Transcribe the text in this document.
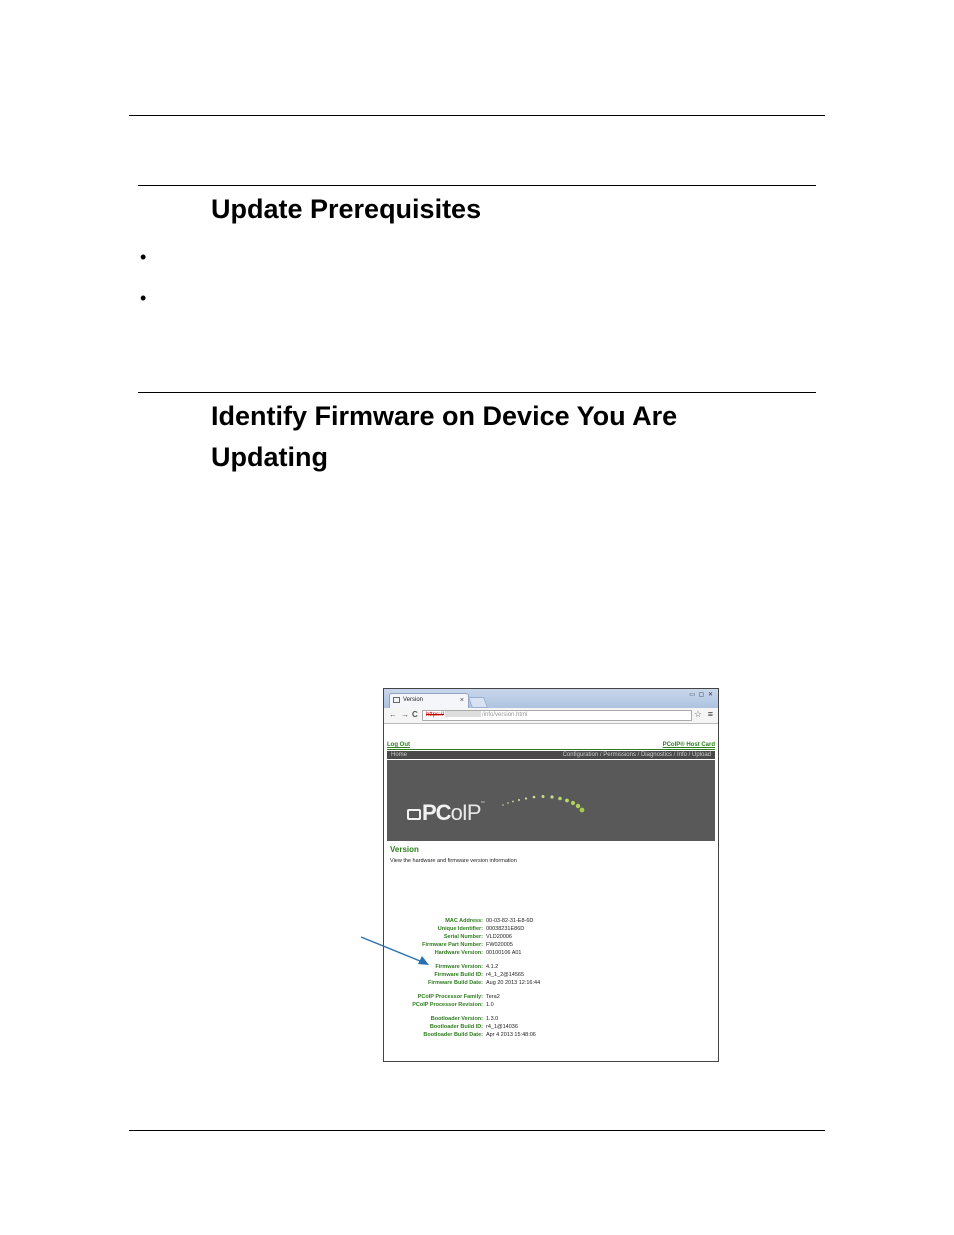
Update Prerequisites
•
•
Identify Firmware on Device You Are
Updating
Version	×
▭ ▢ ✕
← → C	https://	/info/version.html	☆ ≡
Log Out	PCoIP® Host Card
Home	Configuration / Permissions / Diagnostics / Info / Upload
PCoIP™
Version
View the hardware and firmware version information
MAC Address: 00-03-82-31-E8-6D
Unique Identifier: 00038231E86D
Serial Number: VLD20006
Firmware Part Number: FW020005
Hardware Version: 00100106 A01
Firmware Version: 4.1.2
Firmware Build ID: r4_1_2@14565
Firmware Build Date: Aug 20 2013 12:16:44
PCoIP Processor Family: Tera2
PCoIP Processor Revision: 1.0
Bootloader Version: 1.3.0
Bootloader Build ID: r4_1@14036
Bootloader Build Date: Apr 4 2013 15:48:06
